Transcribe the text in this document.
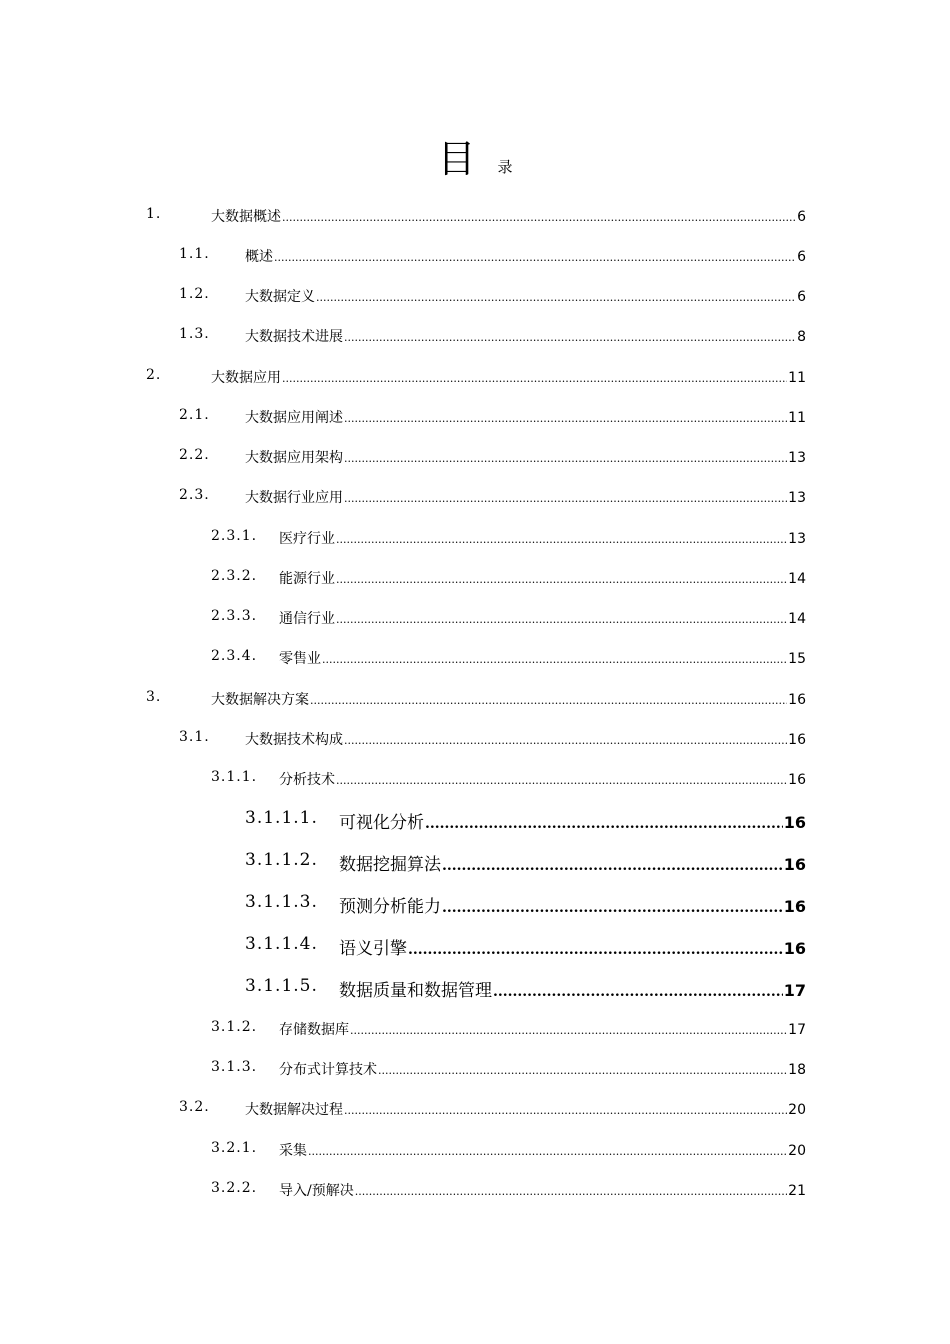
目 录
1.	大数据概述 .....	6
1.1.	概述 .....	6
1.2.	大数据定义 .....	6
1.3.	大数据技术进展 .....	8
2.	大数据应用 .....	11
2.1.	大数据应用阐述 .....	11
2.2.	大数据应用架构 .....	13
2.3.	大数据行业应用 .....	13
2.3.1. 医疗行业 .....	13
2.3.2. 能源行业 .....	14
2.3.3. 通信行业 .....	14
2.3.4. 零售业 .....	15
3.	大数据解决方案 .....	16
3.1.	大数据技术构成 .....	16
3.1.1. 分析技术 .....	16
3.1.1.1. 可视化分析 .....	16
3.1.1.2. 数据挖掘算法 .....	16
3.1.1.3. 预测分析能力 .....	16
3.1.1.4. 语义引擎 .....	16
3.1.1.5. 数据质量和数据管理 .....	17
3.1.2. 存储数据库 .....	17
3.1.3. 分布式计算技术 .....	18
3.2.	大数据解决过程 .....	20
3.2.1. 采集 .....	20
3.2.2. 导入/预解决 .....	21
